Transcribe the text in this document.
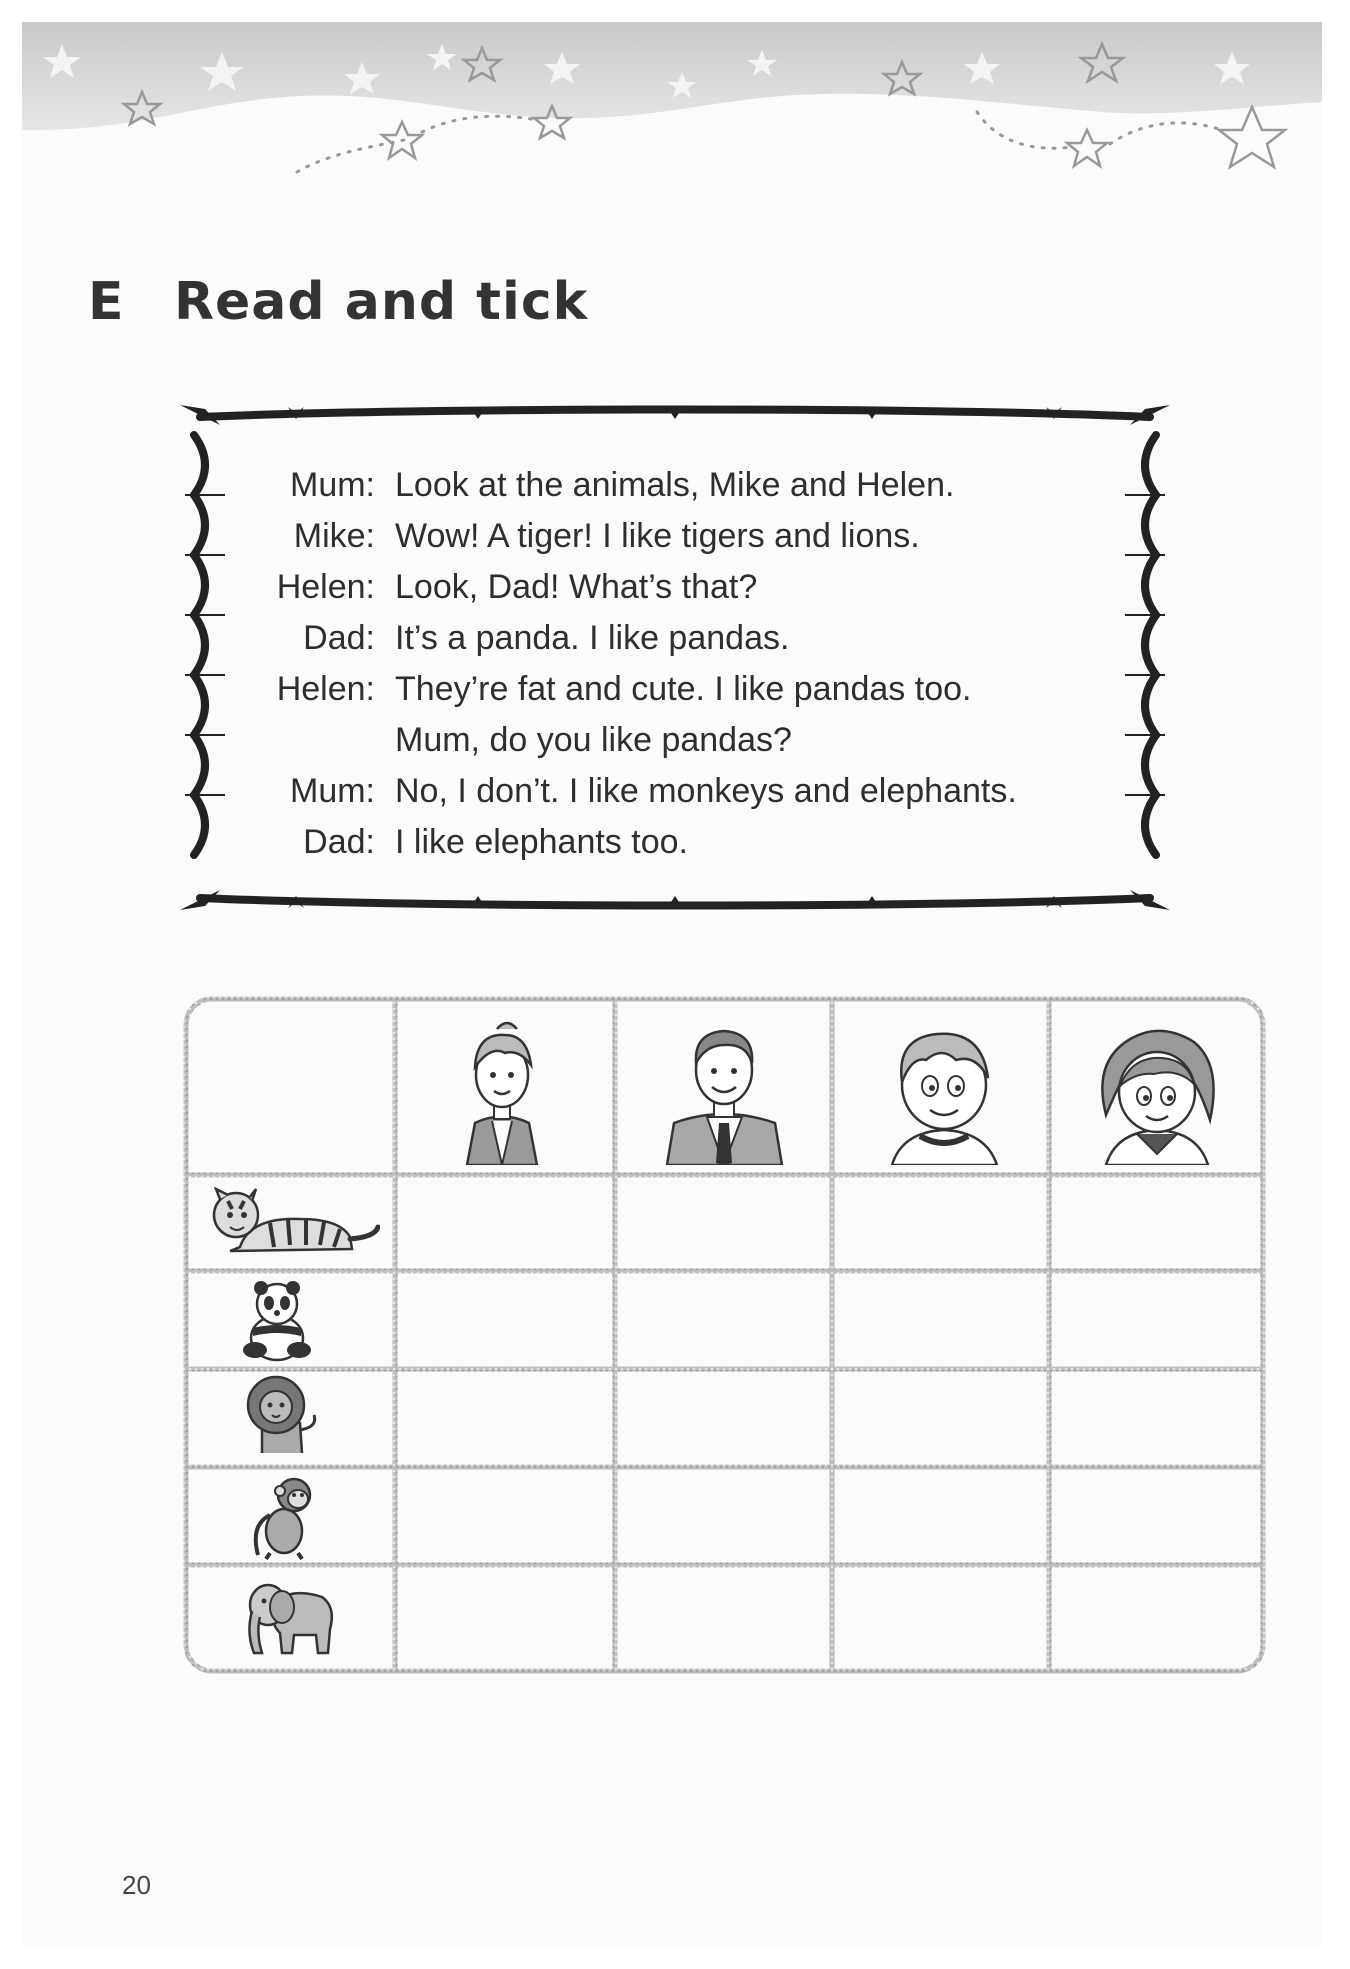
E Read and tick
Mum: Look at the animals, Mike and Helen.
Mike: Wow! A tiger! I like tigers and lions.
Helen: Look, Dad! What’s that?
Dad: It’s a panda. I like pandas.
Helen: They’re fat and cute. I like pandas too.
Mum, do you like pandas?
Mum: No, I don’t. I like monkeys and elephants.
Dad: I like elephants too.
20
